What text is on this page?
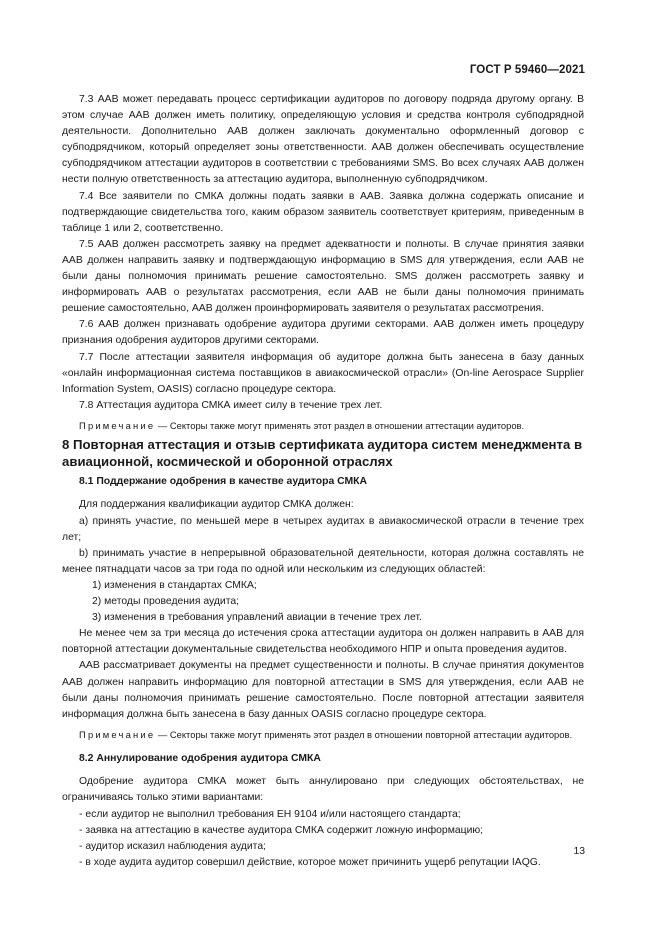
ГОСТ Р 59460—2021

7.3 ААВ может передавать процесс сертификации аудиторов по договору подряда другому органу. В этом случае ААВ должен иметь политику, определяющую условия и средства контроля субподрядной деятельности. Дополнительно ААВ должен заключать документально оформленный договор с субподрядчиком, который определяет зоны ответственности. ААВ должен обеспечивать осуществление субподрядчиком аттестации аудиторов в соответствии с требованиями SMS. Во всех случаях ААВ должен нести полную ответственность за аттестацию аудитора, выполненную субподрядчиком.

7.4 Все заявители по СМКА должны подать заявки в ААВ. Заявка должна содержать описание и подтверждающие свидетельства того, каким образом заявитель соответствует критериям, приведенным в таблице 1 или 2, соответственно.

7.5 ААВ должен рассмотреть заявку на предмет адекватности и полноты. В случае принятия заявки ААВ должен направить заявку и подтверждающую информацию в SMS для утверждения, если ААВ не были даны полномочия принимать решение самостоятельно. SMS должен рассмотреть заявку и информировать ААВ о результатах рассмотрения, если ААВ не были даны полномочия принимать решение самостоятельно, ААВ должен проинформировать заявителя о результатах рассмотрения.

7.6 ААВ должен признавать одобрение аудитора другими секторами. ААВ должен иметь процедуру признания одобрения аудиторов другими секторами.

7.7 После аттестации заявителя информация об аудиторе должна быть занесена в базу данных «онлайн информационная система поставщиков в авиакосмической отрасли» (On-line Aerospace Supplier Information System, OASIS) согласно процедуре сектора.

7.8 Аттестация аудитора СМКА имеет силу в течение трех лет.

Примечание — Секторы также могут применять этот раздел в отношении аттестации аудиторов.

8 Повторная аттестация и отзыв сертификата аудитора систем менеджмента в авиационной, космической и оборонной отраслях

8.1 Поддержание одобрения в качестве аудитора СМКА

Для поддержания квалификации аудитор СМКА должен:

a) принять участие, по меньшей мере в четырех аудитах в авиакосмической отрасли в течение трех лет;

b) принимать участие в непрерывной образовательной деятельности, которая должна составлять не менее пятнадцати часов за три года по одной или нескольким из следующих областей:

1) изменения в стандартах СМКА;

2) методы проведения аудита;

3) изменения в требования управлений авиации в течение трех лет.

Не менее чем за три месяца до истечения срока аттестации аудитора он должен направить в ААВ для повторной аттестации документальные свидетельства необходимого НПР и опыта проведения аудитов.

ААВ рассматривает документы на предмет существенности и полноты. В случае принятия документов ААВ должен направить информацию для повторной аттестации в SMS для утверждения, если ААВ не были даны полномочия принимать решение самостоятельно. После повторной аттестации заявителя информация должна быть занесена в базу данных OASIS согласно процедуре сектора.

Примечание — Секторы также могут применять этот раздел в отношении повторной аттестации аудиторов.

8.2 Аннулирование одобрения аудитора СМКА

Одобрение аудитора СМКА может быть аннулировано при следующих обстоятельствах, не ограничиваясь только этими вариантами:

- если аудитор не выполнил требования ЕН 9104 и/или настоящего стандарта;

- заявка на аттестацию в качестве аудитора СМКА содержит ложную информацию;

- аудитор исказил наблюдения аудита;

- в ходе аудита аудитор совершил действие, которое может причинить ущерб репутации IAQG.

13
